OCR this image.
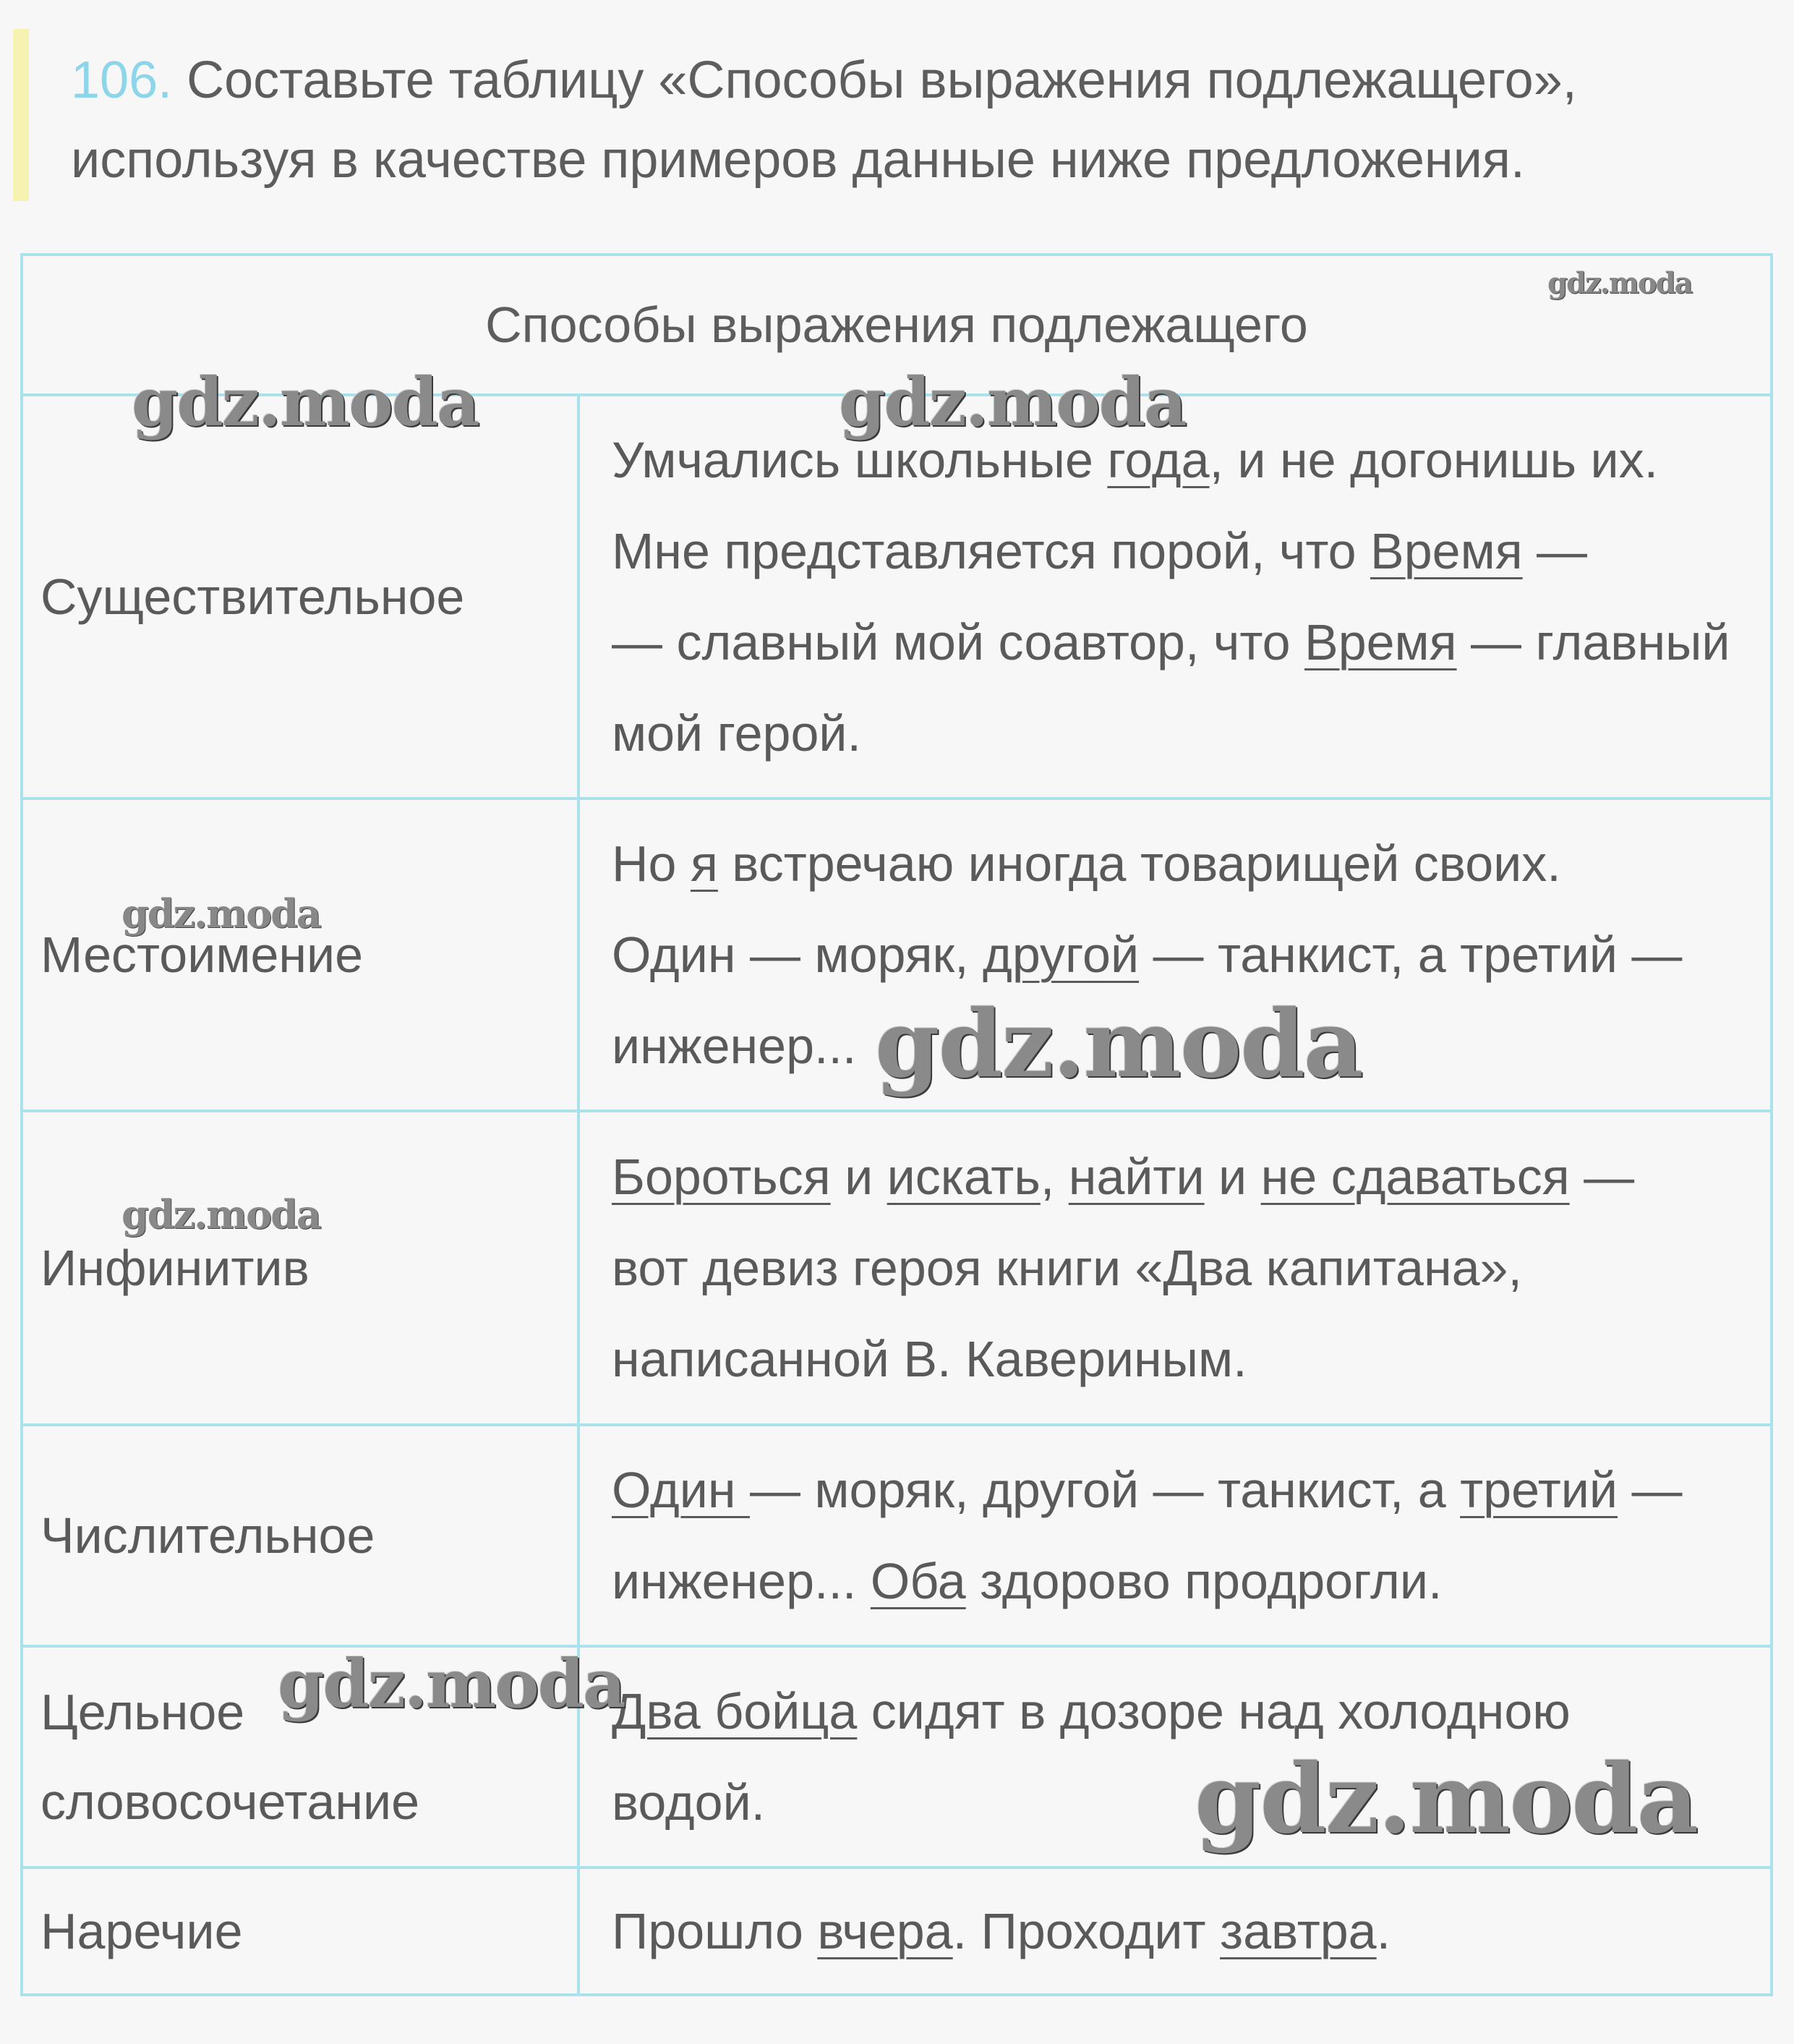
106. Составьте таблицу «Способы выражения подлежащего»,
используя в качестве примеров данные ниже предложения.
Способы выражения подлежащего
Существительное
Умчались школьные года, и не догонишь их.
Мне представляется порой, что Время —
— славный мой соавтор, что Время — главный
мой герой.
Местоимение
Но я встречаю иногда товарищей своих.
Один — моряк, другой — танкист, а третий —
инженер...
Инфинитив
Бороться и искать, найти и не сдаваться —
вот девиз героя книги «Два капитана»,
написанной В. Кавериным.
Числительное
Один — моряк, другой — танкист, а третий —
инженер... Оба здорово продрогли.
Цельное
словосочетание
Два бойца сидят в дозоре над холодною
водой.
Наречие	Прошло вчера. Проходит завтра.
gdz.moda
gdz.moda	gdz.moda
gdz.moda
gdz.moda
gdz.moda
gdz.moda
gdz.moda
